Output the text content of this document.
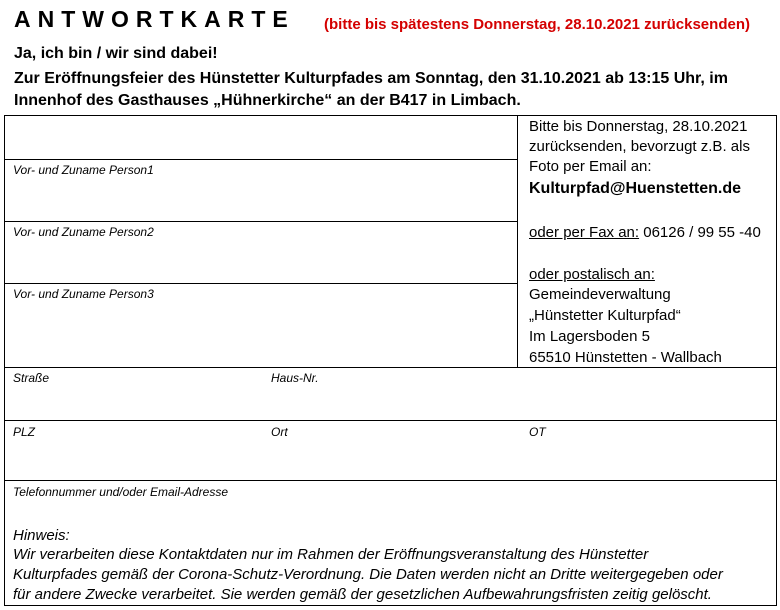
ANTWORTKARTE (bitte bis spätestens Donnerstag, 28.10.2021 zurücksenden)
Ja, ich bin / wir sind dabei!
Zur Eröffnungsfeier des Hünstetter Kulturpfades am Sonntag, den 31.10.2021 ab 13:15 Uhr, im
Innenhof des Gasthauses „Hühnerkirche“ an der B417 in Limbach.
Vor- und Zuname Person1
Vor- und Zuname Person2
Vor- und Zuname Person3
Straße	Haus-Nr.
PLZ	Ort	OT
Telefonnummer und/oder Email-Adresse
Bitte bis Donnerstag, 28.10.2021
zurücksenden, bevorzugt z.B. als
Foto per Email an:
Kulturpfad@Huenstetten.de
oder per Fax an: 06126 / 99 55 -40
oder postalisch an:
Gemeindeverwaltung
„Hünstetter Kulturpfad“
Im Lagersboden 5
65510 Hünstetten - Wallbach
Hinweis:
Wir verarbeiten diese Kontaktdaten nur im Rahmen der Eröffnungsveranstaltung des Hünstetter
Kulturpfades gemäß der Corona-Schutz-Verordnung. Die Daten werden nicht an Dritte weitergegeben oder
für andere Zwecke verarbeitet. Sie werden gemäß der gesetzlichen Aufbewahrungsfristen zeitig gelöscht.
